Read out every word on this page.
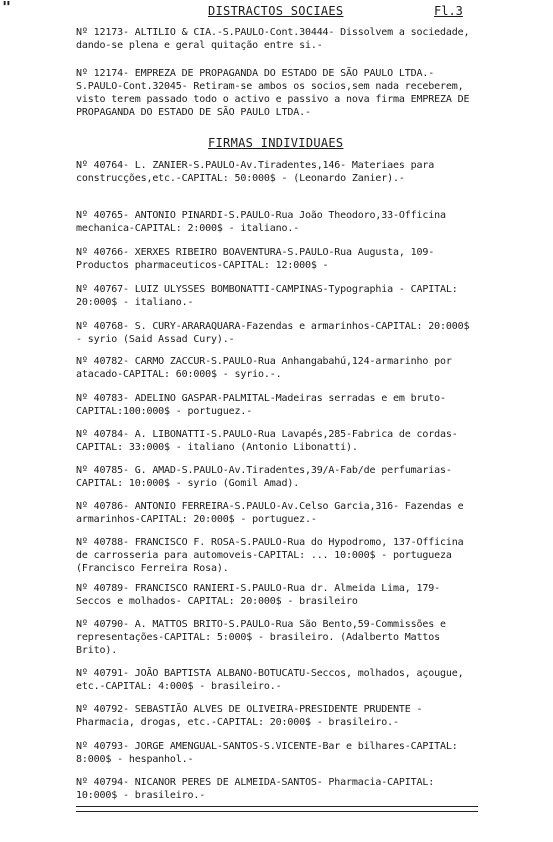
"	DISTRACTOS SOCIAES	Fl.3
Nº 12173- ALTILIO & CIA.-S.PAULO-Cont.30444- Dissolvem a sociedade, dando-se plena e geral quitação entre si.-
Nº 12174- EMPREZA DE PROPAGANDA DO ESTADO DE SÃO PAULO LTDA.-S.PAULO-Cont.32045- Retiram-se ambos os socios,sem nada receberem, visto terem passado todo o activo e passivo a nova firma EMPREZA DE PROPAGANDA DO ESTADO DE SÃO PAULO LTDA.-
FIRMAS INDIVIDUAES
Nº 40764- L. ZANIER-S.PAULO-Av.Tiradentes,146- Materiaes para construcções,etc.-CAPITAL: 50:000$ - (Leonardo Zanier).-
Nº 40765- ANTONIO PINARDI-S.PAULO-Rua João Theodoro,33-Officina mechanica-CAPITAL: 2:000$ - italiano.-
Nº 40766- XERXES RIBEIRO BOAVENTURA-S.PAULO-Rua Augusta, 109- Productos pharmaceuticos-CAPITAL: 12:000$ -
Nº 40767- LUIZ ULYSSES BOMBONATTI-CAMPINAS-Typographia - CAPITAL: 20:000$ - italiano.-
Nº 40768- S. CURY-ARARAQUARA-Fazendas e armarinhos-CAPITAL: 20:000$ - syrio (Said Assad Cury).-
Nº 40782- CARMO ZACCUR-S.PAULO-Rua Anhangabahú,124-armarinho por atacado-CAPITAL: 60:000$ - syrio.-.
Nº 40783- ADELINO GASPAR-PALMITAL-Madeiras serradas e em bruto- CAPITAL:100:000$ - portuguez.-
Nº 40784- A. LIBONATTI-S.PAULO-Rua Lavapés,285-Fabrica de cordas-CAPITAL: 33:000$ - italiano (Antonio Libonatti).
Nº 40785- G. AMAD-S.PAULO-Av.Tiradentes,39/A-Fab/de perfumarias-CAPITAL: 10:000$ - syrio (Gomil Amad).
Nº 40786- ANTONIO FERREIRA-S.PAULO-Av.Celso Garcia,316- Fazendas e armarinhos-CAPITAL: 20:000$ - portuguez.-
Nº 40788- FRANCISCO F. ROSA-S.PAULO-Rua do Hypodromo, 137-Officina de carrosseria para automoveis-CAPITAL: ... 10:000$ - portugueza (Francisco Ferreira Rosa).
Nº 40789- FRANCISCO RANIERI-S.PAULO-Rua dr. Almeida Lima, 179- Seccos e molhados- CAPITAL: 20:000$ - brasileiro
Nº 40790- A. MATTOS BRITO-S.PAULO-Rua São Bento,59-Commissões e representações-CAPITAL: 5:000$ - brasileiro. (Adalberto Mattos Brito).
Nº 40791- JOÃO BAPTISTA ALBANO-BOTUCATU-Seccos, molhados, açougue, etc.-CAPITAL: 4:000$ - brasileiro.-
Nº 40792- SEBASTIÃO ALVES DE OLIVEIRA-PRESIDENTE PRUDENTE -Pharmacia, drogas, etc.-CAPITAL: 20:000$ - brasileiro.-
Nº 40793- JORGE AMENGUAL-SANTOS-S.VICENTE-Bar e bilhares-CAPITAL: 8:000$ - hespanhol.-
Nº 40794- NICANOR PERES DE ALMEIDA-SANTOS- Pharmacia-CAPITAL: 10:000$ - brasileiro.-
